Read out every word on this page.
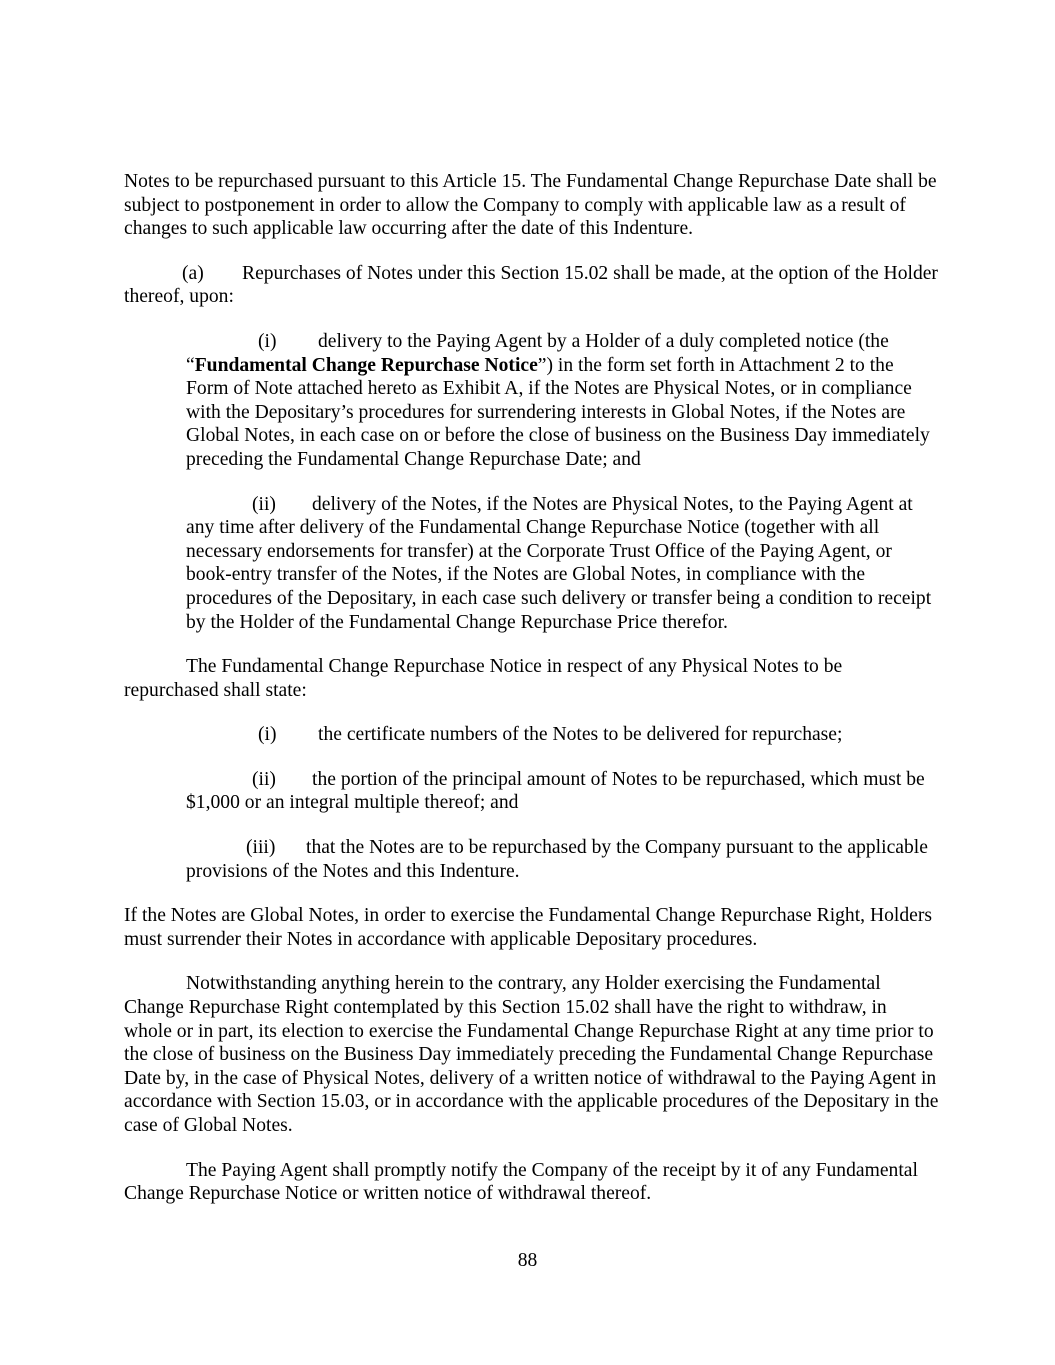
Notes to be repurchased pursuant to this Article 15. The Fundamental Change Repurchase Date shall be subject to postponement in order to allow the Company to comply with applicable law as a result of changes to such applicable law occurring after the date of this Indenture.

(a) Repurchases of Notes under this Section 15.02 shall be made, at the option of the Holder thereof, upon:

(i) delivery to the Paying Agent by a Holder of a duly completed notice (the “Fundamental Change Repurchase Notice”) in the form set forth in Attachment 2 to the Form of Note attached hereto as Exhibit A, if the Notes are Physical Notes, or in compliance with the Depositary’s procedures for surrendering interests in Global Notes, if the Notes are Global Notes, in each case on or before the close of business on the Business Day immediately preceding the Fundamental Change Repurchase Date; and

(ii) delivery of the Notes, if the Notes are Physical Notes, to the Paying Agent at any time after delivery of the Fundamental Change Repurchase Notice (together with all necessary endorsements for transfer) at the Corporate Trust Office of the Paying Agent, or book-entry transfer of the Notes, if the Notes are Global Notes, in compliance with the procedures of the Depositary, in each case such delivery or transfer being a condition to receipt by the Holder of the Fundamental Change Repurchase Price therefor.

The Fundamental Change Repurchase Notice in respect of any Physical Notes to be repurchased shall state:

(i) the certificate numbers of the Notes to be delivered for repurchase;

(ii) the portion of the principal amount of Notes to be repurchased, which must be $1,000 or an integral multiple thereof; and

(iii) that the Notes are to be repurchased by the Company pursuant to the applicable provisions of the Notes and this Indenture.

If the Notes are Global Notes, in order to exercise the Fundamental Change Repurchase Right, Holders must surrender their Notes in accordance with applicable Depositary procedures.

Notwithstanding anything herein to the contrary, any Holder exercising the Fundamental Change Repurchase Right contemplated by this Section 15.02 shall have the right to withdraw, in whole or in part, its election to exercise the Fundamental Change Repurchase Right at any time prior to the close of business on the Business Day immediately preceding the Fundamental Change Repurchase Date by, in the case of Physical Notes, delivery of a written notice of withdrawal to the Paying Agent in accordance with Section 15.03, or in accordance with the applicable procedures of the Depositary in the case of Global Notes.

The Paying Agent shall promptly notify the Company of the receipt by it of any Fundamental Change Repurchase Notice or written notice of withdrawal thereof.

88
